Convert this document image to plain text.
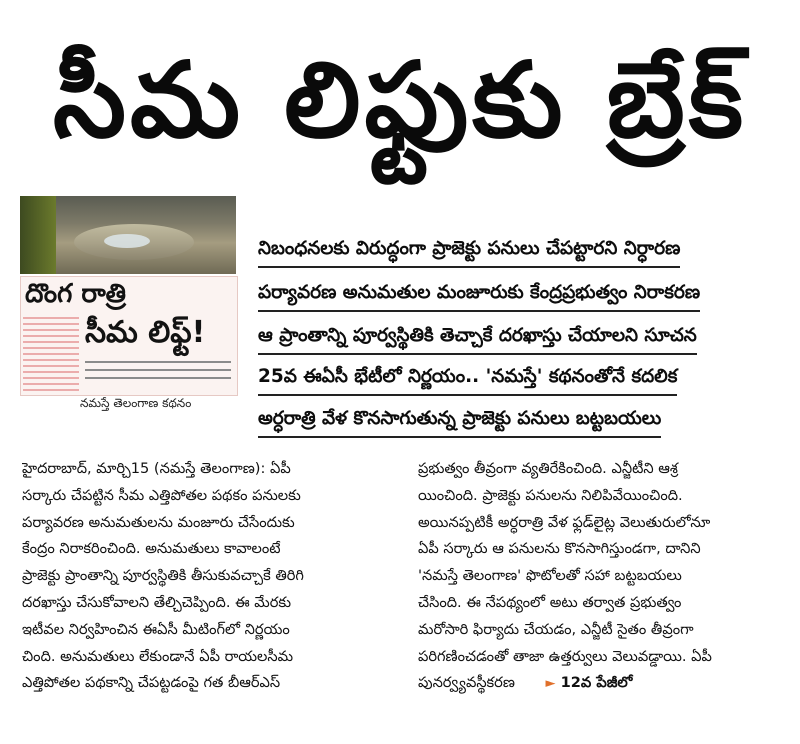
సీమ లిఫ్టుకు బ్రేక్
దొంగ రాత్రి
సీమ లిఫ్ట్!
నమస్తే తెలంగాణ కథనం
నిబంధనలకు విరుద్ధంగా ప్రాజెక్టు పనులు చేపట్టారని నిర్ధారణ
పర్యావరణ అనుమతుల మంజూరుకు కేంద్రప్రభుత్వం నిరాకరణ
ఆ ప్రాంతాన్ని పూర్వస్థితికి తెచ్చాకే దరఖాస్తు చేయాలని సూచన
25వ ఈఏసీ భేటీలో నిర్ణయం.. 'నమస్తే' కథనంతోనే కదలిక
అర్ధరాత్రి వేళ కొనసాగుతున్న ప్రాజెక్టు పనులు బట్టబయలు
హైదరాబాద్, మార్చి15 (నమస్తే తెలంగాణ): ఏపీ
సర్కారు చేపట్టిన సీమ ఎత్తిపోతల పథకం పనులకు
పర్యావరణ అనుమతులను మంజూరు చేసేందుకు
కేంద్రం నిరాకరించింది. అనుమతులు కావాలంటే
ప్రాజెక్టు ప్రాంతాన్ని పూర్వస్థితికి తీసుకువచ్చాకే తిరిగి
దరఖాస్తు చేసుకోవాలని తేల్చిచెప్పింది. ఈ మేరకు
ఇటీవల నిర్వహించిన ఈఏసీ మీటింగ్‌లో నిర్ణయం
చింది. అనుమతులు లేకుండానే ఏపీ రాయలసీమ
ఎత్తిపోతల పథకాన్ని చేపట్టడంపై గత బీఆర్‌ఎస్
ప్రభుత్వం తీవ్రంగా వ్యతిరేకించింది. ఎన్జీటీని ఆశ్ర
యించింది. ప్రాజెక్టు పనులను నిలిపివేయించింది.
అయినప్పటికీ అర్ధరాత్రి వేళ ఫ్లడ్‌లైట్ల వెలుతురులోనూ
ఏపీ సర్కారు ఆ పనులను కొనసాగిస్తుండగా, దానిని
'నమస్తే తెలంగాణ' ఫొటోలతో సహా బట్టబయలు
చేసింది. ఈ నేపథ్యంలో అటు తర్వాత ప్రభుత్వం
మరోసారి ఫిర్యాదు చేయడం, ఎన్జీటీ సైతం తీవ్రంగా
పరిగణించడంతో తాజా ఉత్తర్వులు వెలువడ్డాయి. ఏపీ
పునర్వ్యవస్థీకరణ ► 12వ పేజీలో
